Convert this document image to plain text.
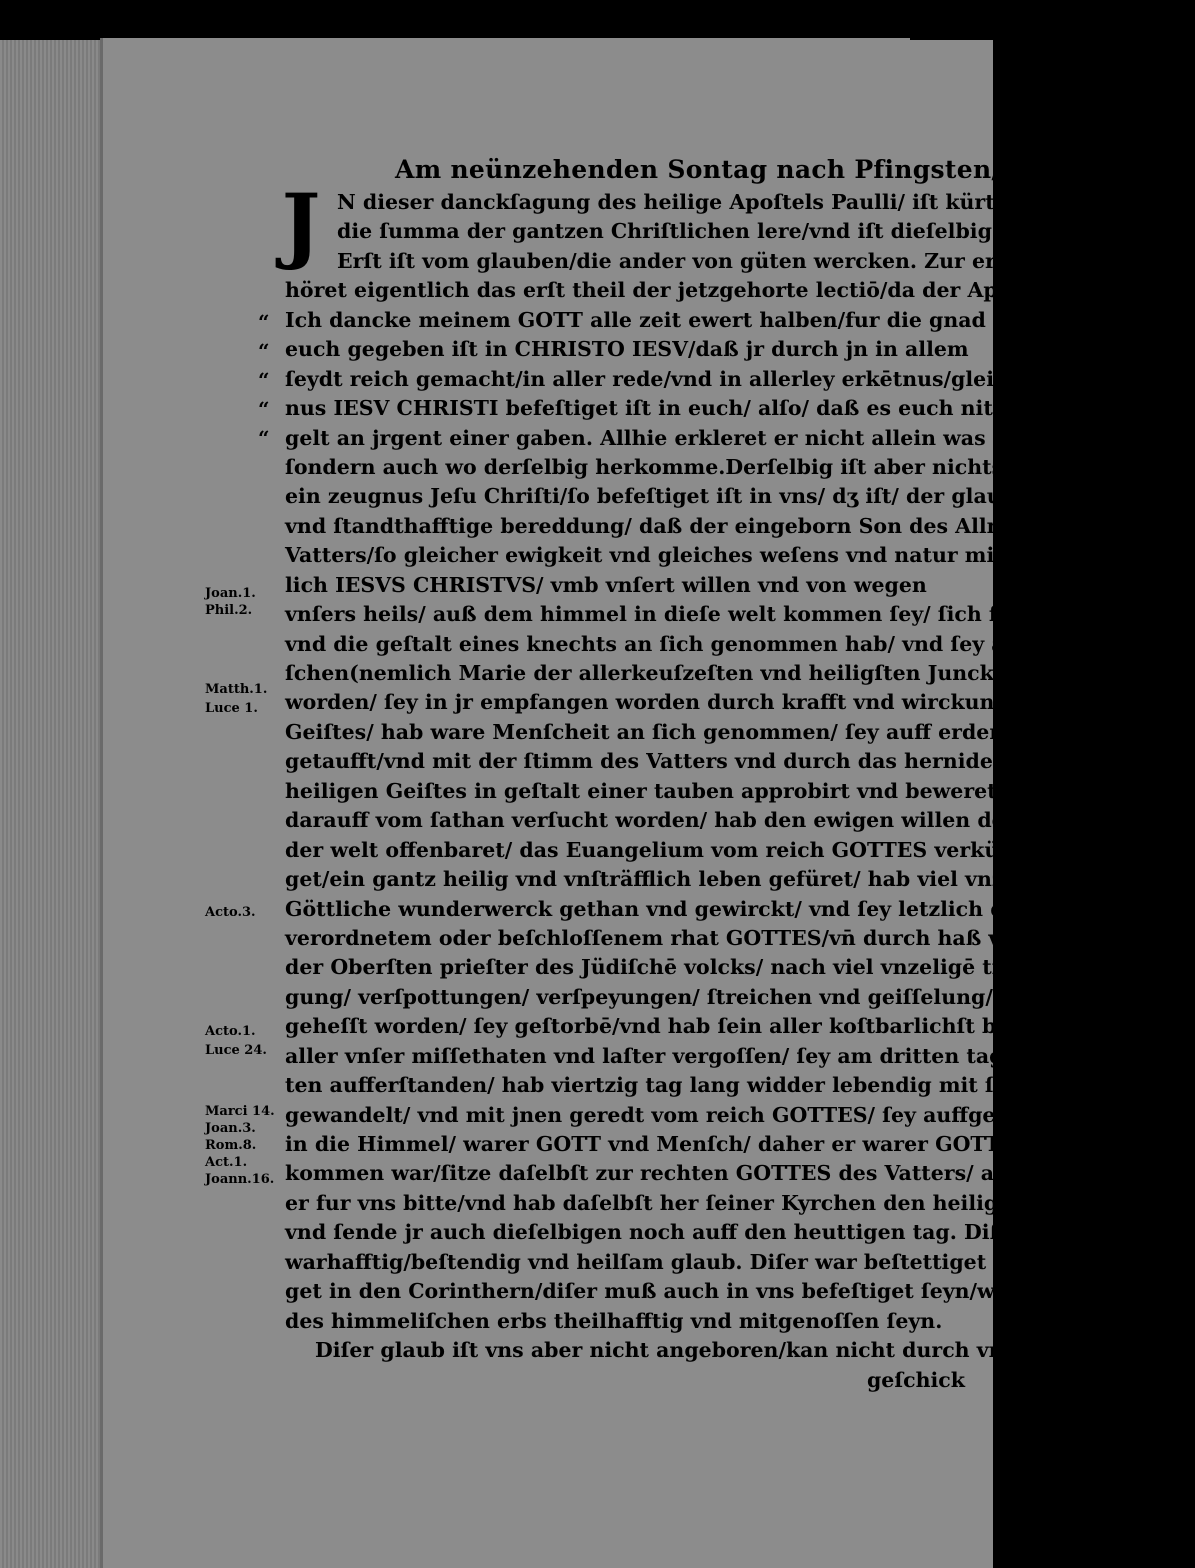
Am neünzehenden Sontag nach Pfingsten/
J N dieser danckſagung des heilige Apoſtels Paulli/ iſt kürtzlich begriffen
die ſumma der gantzen Chriſtlichen lere/vnd iſt dieſelbig zweifältig/ die
Erſt iſt vom glauben/die ander von güten wercken. Zur erſten lere ge
höret eigentlich das erſt theil der jetzgehorte lectiō/da der Apoſtel alſo ſpricht:
Ich dancke meinem GOTT alle zeit ewert halben/fur die gnad Gottes/die
euch gegeben iſt in CHRISTO IESV/daß jr durch jn in allem
ſeydt reich gemacht/in aller rede/vnd in allerley erkētnus/gleich wie das zeug
nus IESV CHRISTI befeſtiget iſt in euch/ alſo/ daß es euch nit man
gelt an jrgent einer gaben. Allhie erkleret er nicht allein was der glaub ſey/
ſondern auch wo derſelbig herkomme.Derſelbig iſt aber nichts anders/dann
ein zeugnus Jeſu Chriſti/ſo befeſtiget iſt in vns/ dʒ iſt/ der glaub iſt ein gewiſſe
vnd ſtandthafftige bereddung/ daß der eingeborn Son des Allmechtigen
Vatters/ſo gleicher ewigkeit vnd gleiches weſens vnd natur mit jm iſt/nem
lich IESVS CHRISTVS/ vmb vnſert willen vnd von wegen
vnſers heils/ auß dem himmel in dieſe welt kommen ſey/ ſich ſelbs enteuſſert/
vnd die geſtalt eines knechts an ſich genommen hab/ vnd ſey auch eines men
ſchen(nemlich Marie der allerkeuſzeſten vnd heiligſten Junckfrawen) Son
worden/ ſey in jr empfangen worden durch krafft vnd wirckung des heiligen
Geiſtes/ hab ware Menſcheit an ſich genommen/ ſey auff erden im Jordan
getaufft/vnd mit der ſtimm des Vatters vnd durch das herniderſteigen des
heiligen Geiſtes in geſtalt einer tauben approbirt vnd beweret/ auch bald
darauff vom ſathan verſucht worden/ hab den ewigen willen des Vatters
der welt offenbaret/ das Euangelium vom reich GOTTES verkündi
get/ein gantz heilig vnd vnſträfflich leben gefüret/ hab viel vnzelige vnd gantz
Göttliche wunderwerck gethan vnd gewirckt/ vnd ſey letzlich durch zuvor
verordnetem oder beſchloſſenem rhat GOTTES/vn̄ durch haß vnd neid
der Oberſten prieſter des Jüdiſchē volcks/ nach viel vnzeligē trübſaln/ängſti
gung/ verſpottungen/ verſpeyungen/ ſtreichen vnd geiſſelung/an das Creutz
geheſſt worden/ ſey geſtorbē/vnd hab ſein aller koſtbarlichſt blüt zu vergebūg
aller vnſer miſſethaten vnd laſter vergoſſen/ ſey am dritten tag von den tod
ten aufferſtanden/ hab viertzig tag lang widder lebendig mit ſeinen jüngern
gewandelt/ vnd mit jnen geredt vom reich GOTTES/ ſey auffgeſtigen
in die Himmel/ warer GOTT vnd Menſch/ daher er warer GOTT
kommen war/ſitze daſelbſt zur rechten GOTTES des Vatters/ auff daß
er fur vns bitte/vnd hab daſelbſt her ſeiner Kyrchen den heiligē Geiſt geſandt/
vnd ſende jr auch dieſelbigen noch auff den heuttigen tag. Diß iſt der recht/
warhafftig/beſtendig vnd heilſam glaub. Diſer war beſtettiget vnd befeſti
get in den Corinthern/diſer muß auch in vns befeſtiget ſeyn/wollē wir anderſt
des himmeliſchen erbs theilhafftig vnd mitgenoſſen ſeyn.
Diſer glaub iſt vns aber nicht angeboren/kan nicht durch vnſern fleiß vnd
geſchick
“
“
“
“
“
Joan.1.
Phil.2.
Matth.1.
Luce 1.
Acto.3.
Acto.1.
Luce 24.
Marci 14.
Joan.3.
Rom.8.
Act.1.
Joann.16.
